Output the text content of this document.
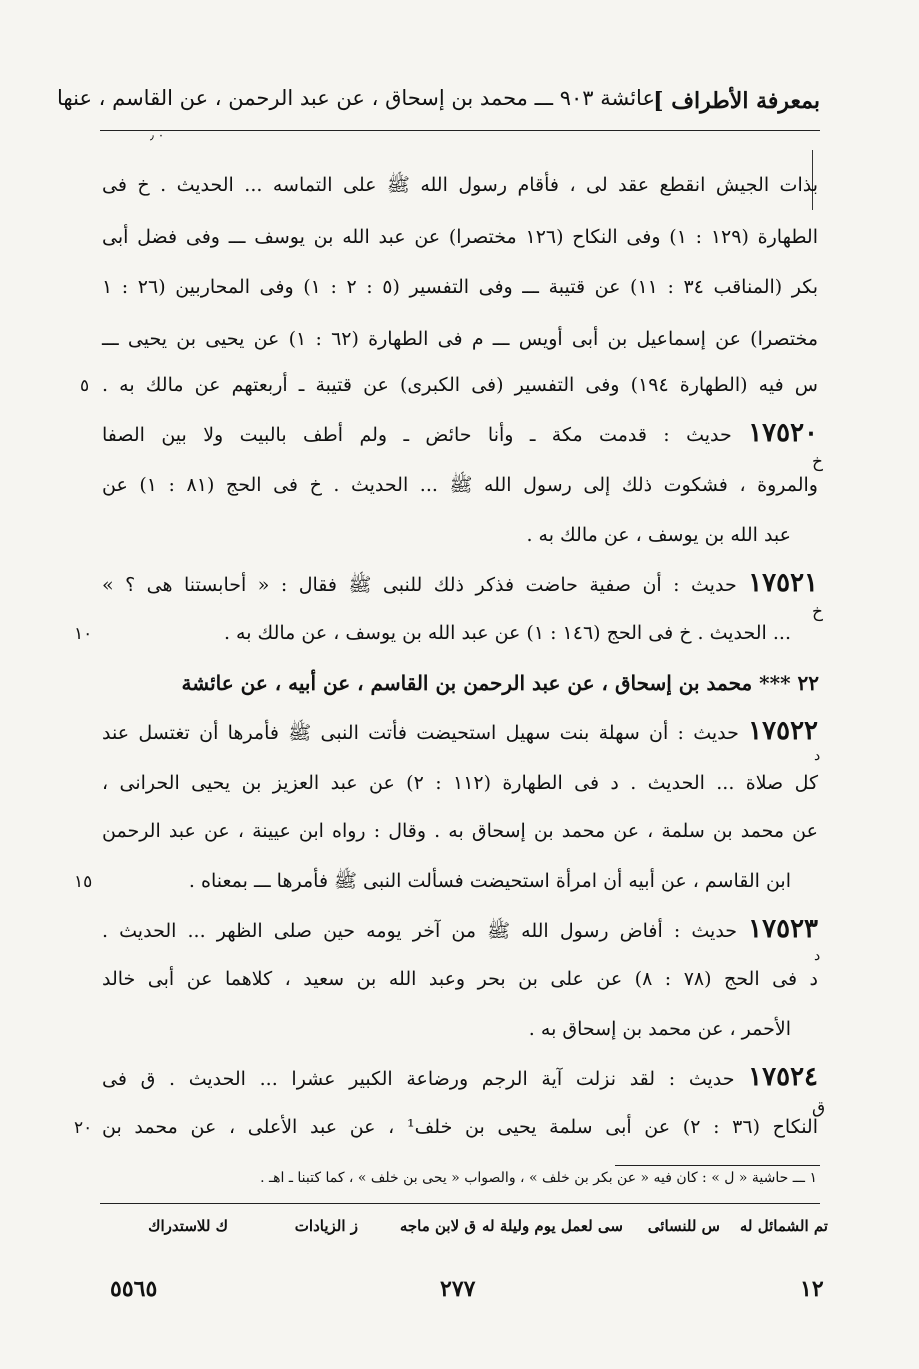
بمعرفة الأطراف ]
عائشة ٩٠٣ ـــ محمد بن إسحاق ، عن عبد الرحمن ، عن القاسم ، عنها
٠ ٫
بذات الجيش انقطع عقد لى ، فأقام رسول الله ﷺ على التماسه ... الحديث . خ فى
الطهارة (١٢٩ : ١) وفى النكاح (١٢٦ مختصرا) عن عبد الله بن يوسف ـــ وفى فضل أبى
بكر (المناقب ٣٤ : ١١) عن قتيبة ـــ وفى التفسير (٥ : ٢ : ١) وفى المحاربين (٢٦ : ١
مختصرا) عن إسماعيل بن أبى أويس ـــ م فى الطهارة (٦٢ : ١) عن يحيى بن يحيى ـــ
س فيه (الطهارة ١٩٤) وفى التفسير (فى الكبرى) عن قتيبة ـ أربعتهم عن مالك به .
١٧٥٢٠ حديث : قدمت مكة ـ وأنا حائض ـ ولم أطف بالبيت ولا بين الصفا
والمروة ، فشكوت ذلك إلى رسول الله ﷺ ... الحديث . خ فى الحج (٨١ : ١) عن
عبد الله بن يوسف ، عن مالك به .
١٧٥٢١ حديث : أن صفية حاضت فذكر ذلك للنبى ﷺ فقال : « أحابستنا هى ؟ »
... الحديث . خ فى الحج (١٤٦ : ١) عن عبد الله بن يوسف ، عن مالك به .
٢٢ *** محمد بن إسحاق ، عن عبد الرحمن بن القاسم ، عن أبيه ، عن عائشة
١٧٥٢٢ حديث : أن سهلة بنت سهيل استحيضت فأتت النبى ﷺ فأمرها أن تغتسل عند
كل صلاة ... الحديث . د فى الطهارة (١١٢ : ٢) عن عبد العزيز بن يحيى الحرانى ،
عن محمد بن سلمة ، عن محمد بن إسحاق به . وقال : رواه ابن عيينة ، عن عبد الرحمن
ابن القاسم ، عن أبيه أن امرأة استحيضت فسألت النبى ﷺ فأمرها ـــ بمعناه .
١٧٥٢٣ حديث : أفاض رسول الله ﷺ من آخر يومه حين صلى الظهر ... الحديث .
د فى الحج (٧٨ : ٨) عن على بن بحر وعبد الله بن سعيد ، كلاهما عن أبى خالد
الأحمر ، عن محمد بن إسحاق به .
١٧٥٢٤ حديث : لقد نزلت آية الرجم ورضاعة الكبير عشرا ... الحديث . ق فى
النكاح (٣٦ : ٢) عن أبى سلمة يحيى بن خلف¹ ، عن عبد الأعلى ، عن محمد بن
٥
١٠
١٥
٢٠
خ
خ
د
د
ق
١ ـــ حاشية « ل » : كان فيه « عن بكر بن خلف » ، والصواب « يحى بن خلف » ، كما كتبنا ـ اهـ .
تم الشمائل له
س للنسائى
سى لعمل يوم وليلة له
ق لابن ماجه
ز الزيادات
ك للاستدراك
١٢
٢٧٧
٥٥٦٥
